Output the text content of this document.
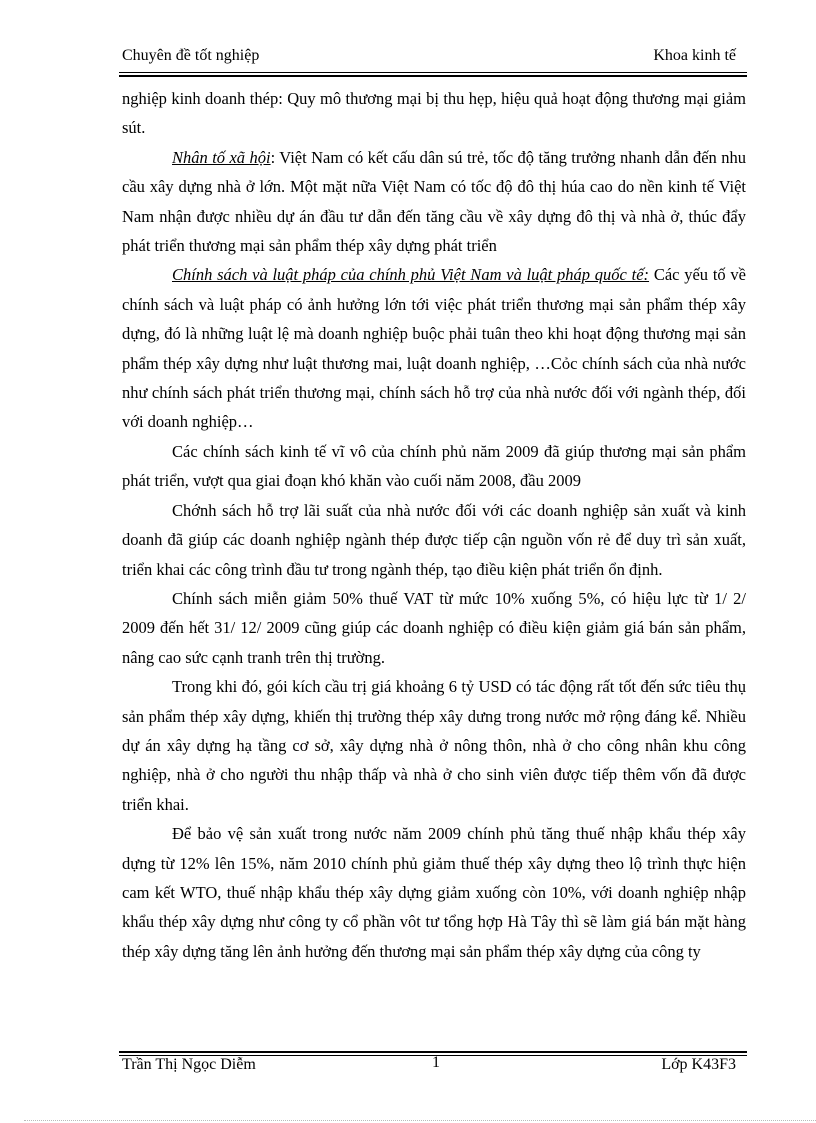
Chuyên đề tốt nghiệp	Khoa kinh tế

nghiệp kinh doanh thép: Quy mô thương mại bị thu hẹp, hiệu quả hoạt động thương mại giảm sút.

Nhân tố xã hội: Việt Nam có kết cấu dân sú trẻ, tốc độ tăng trưởng nhanh dẫn đến nhu cầu xây dựng nhà ở lớn. Một mặt nữa Việt Nam có tốc độ đô thị húa cao do nền kinh tế Việt Nam nhận được nhiều dự án đầu tư dẫn đến tăng cầu về xây dựng đô thị và nhà ở, thúc đẩy phát triển thương mại sản phẩm thép xây dựng phát triển

Chính sách và luật pháp của chính phủ Việt Nam và luật pháp quốc tế: Các yếu tố về chính sách và luật pháp có ảnh hưởng lớn tới việc phát triển thương mại sản phẩm thép xây dựng, đó là những luật lệ mà doanh nghiệp buộc phải tuân theo khi hoạt động thương mại sản phẩm thép xây dựng như luật thương mai, luật doanh nghiệp, …Cỏc chính sách của nhà nước như chính sách phát triển thương mại, chính sách hỗ trợ của nhà nước đối với ngành thép, đối với doanh nghiệp…

Các chính sách kinh tế vĩ vô của chính phủ năm 2009 đã giúp thương mại sản phẩm phát triển, vượt qua giai đoạn khó khăn vào cuối năm 2008, đầu 2009

Chớnh sách hỗ trợ lãi suất của nhà nước đối với các doanh nghiệp sản xuất và kinh doanh đã giúp các doanh nghiệp ngành thép được tiếp cận nguồn vốn rẻ để duy trì sản xuất, triển khai các công trình đầu tư trong ngành thép, tạo điều kiện phát triển ổn định.

Chính sách miễn giảm 50% thuế VAT từ mức 10% xuống 5%, có hiệu lực từ 1/ 2/ 2009 đến hết 31/ 12/ 2009 cũng giúp các doanh nghiệp có điều kiện giảm giá bán sản phẩm, nâng cao sức cạnh tranh trên thị trường.

Trong khi đó, gói kích cầu trị giá khoảng 6 tỷ USD có tác động rất tốt đến sức tiêu thụ sản phẩm thép xây dựng, khiến thị trường thép xây dưng trong nước mở rộng đáng kể. Nhiều dự án xây dựng hạ tầng cơ sở, xây dựng nhà ở nông thôn, nhà ở cho công nhân khu công nghiệp, nhà ở cho người thu nhập thấp và nhà ở cho sinh viên được tiếp thêm vốn đã được triển khai.

Để bảo vệ sản xuất trong nước năm 2009 chính phủ tăng thuế nhập khẩu thép xây dựng từ 12% lên 15%, năm 2010 chính phủ giảm thuế thép xây dựng theo lộ trình thực hiện cam kết WTO, thuế nhập khẩu thép xây dựng giảm xuống còn 10%, với doanh nghiệp nhập khẩu thép xây dựng như công ty cổ phần vôt tư tổng hợp Hà Tây thì sẽ làm giá bán mặt hàng thép xây dựng tăng lên ảnh hưởng đến thương mại sản phẩm thép xây dựng của công ty

Trần Thị Ngọc Diễm	1	Lớp K43F3
